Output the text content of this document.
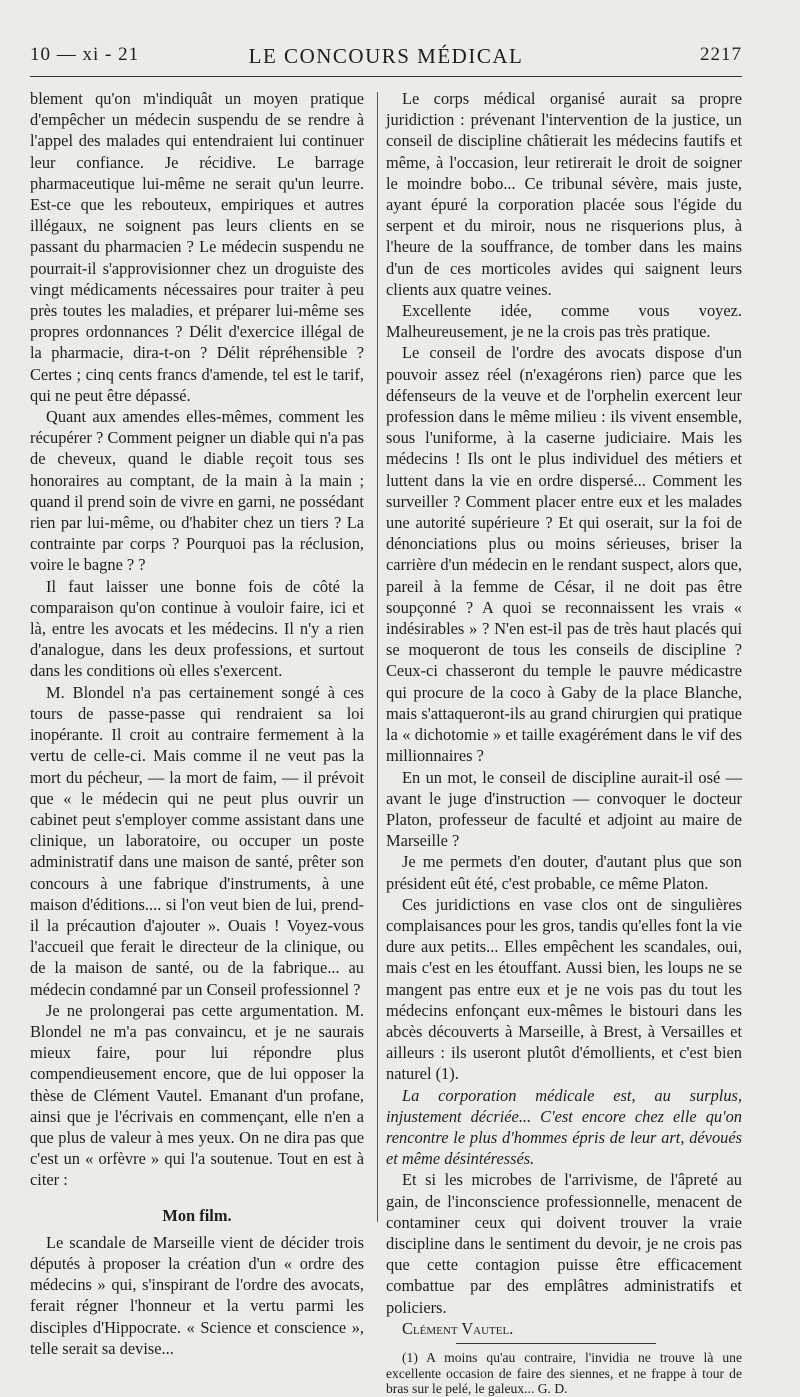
10 — xi - 21	LE CONCOURS MÉDICAL	2217

blement qu'on m'indiquât un moyen pratique d'empêcher un médecin suspendu de se rendre à l'appel des malades qui entendraient lui continuer leur confiance. Je récidive. Le barrage pharmaceutique lui-même ne serait qu'un leurre. Est-ce que les rebouteux, empiriques et autres illégaux, ne soignent pas leurs clients en se passant du pharmacien ? Le médecin suspendu ne pourrait-il s'approvisionner chez un droguiste des vingt médicaments nécessaires pour traiter à peu près toutes les maladies, et préparer lui-même ses propres ordonnances ? Délit d'exercice illégal de la pharmacie, dira-t-on ? Délit répréhensible ? Certes ; cinq cents francs d'amende, tel est le tarif, qui ne peut être dépassé.

Quant aux amendes elles-mêmes, comment les récupérer ? Comment peigner un diable qui n'a pas de cheveux, quand le diable reçoit tous ses honoraires au comptant, de la main à la main ; quand il prend soin de vivre en garni, ne possédant rien par lui-même, ou d'habiter chez un tiers ? La contrainte par corps ? Pourquoi pas la réclusion, voire le bagne ? ?

Il faut laisser une bonne fois de côté la comparaison qu'on continue à vouloir faire, ici et là, entre les avocats et les médecins. Il n'y a rien d'analogue, dans les deux professions, et surtout dans les conditions où elles s'exercent.

M. Blondel n'a pas certainement songé à ces tours de passe-passe qui rendraient sa loi inopérante. Il croit au contraire fermement à la vertu de celle-ci. Mais comme il ne veut pas la mort du pécheur, — la mort de faim, — il prévoit que « le médecin qui ne peut plus ouvrir un cabinet peut s'employer comme assistant dans une clinique, un laboratoire, ou occuper un poste administratif dans une maison de santé, prêter son concours à une fabrique d'instruments, à une maison d'éditions.... si l'on veut bien de lui, prend-il la précaution d'ajouter ». Ouais ! Voyez-vous l'accueil que ferait le directeur de la clinique, ou de la maison de santé, ou de la fabrique... au médecin condamné par un Conseil professionnel ?

Je ne prolongerai pas cette argumentation. M. Blondel ne m'a pas convaincu, et je ne saurais mieux faire, pour lui répondre plus compendieusement encore, que de lui opposer la thèse de Clément Vautel. Emanant d'un profane, ainsi que je l'écrivais en commençant, elle n'en a que plus de valeur à mes yeux. On ne dira pas que c'est un « orfèvre » qui l'a soutenue. Tout en est à citer :

Mon film.

Le scandale de Marseille vient de décider trois députés à proposer la création d'un « ordre des médecins » qui, s'inspirant de l'ordre des avocats, ferait régner l'honneur et la vertu parmi les disciples d'Hippocrate. « Science et conscience », telle serait sa devise...

Le corps médical organisé aurait sa propre juridiction : prévenant l'intervention de la justice, un conseil de discipline châtierait les médecins fautifs et même, à l'occasion, leur retirerait le droit de soigner le moindre bobo... Ce tribunal sévère, mais juste, ayant épuré la corporation placée sous l'égide du serpent et du miroir, nous ne risquerions plus, à l'heure de la souffrance, de tomber dans les mains d'un de ces morticoles avides qui saignent leurs clients aux quatre veines.

Excellente idée, comme vous voyez. Malheureusement, je ne la crois pas très pratique.

Le conseil de l'ordre des avocats dispose d'un pouvoir assez réel (n'exagérons rien) parce que les défenseurs de la veuve et de l'orphelin exercent leur profession dans le même milieu : ils vivent ensemble, sous l'uniforme, à la caserne judiciaire. Mais les médecins ! Ils ont le plus individuel des métiers et luttent dans la vie en ordre dispersé... Comment les surveiller ? Comment placer entre eux et les malades une autorité supérieure ? Et qui oserait, sur la foi de dénonciations plus ou moins sérieuses, briser la carrière d'un médecin en le rendant suspect, alors que, pareil à la femme de César, il ne doit pas être soupçonné ? A quoi se reconnaissent les vrais « indésirables » ? N'en est-il pas de très haut placés qui se moqueront de tous les conseils de discipline ? Ceux-ci chasseront du temple le pauvre médicastre qui procure de la coco à Gaby de la place Blanche, mais s'attaqueront-ils au grand chirurgien qui pratique la « dichotomie » et taille exagérément dans le vif des millionnaires ?

En un mot, le conseil de discipline aurait-il osé — avant le juge d'instruction — convoquer le docteur Platon, professeur de faculté et adjoint au maire de Marseille ?

Je me permets d'en douter, d'autant plus que son président eût été, c'est probable, ce même Platon.

Ces juridictions en vase clos ont de singulières complaisances pour les gros, tandis qu'elles font la vie dure aux petits... Elles empêchent les scandales, oui, mais c'est en les étouffant. Aussi bien, les loups ne se mangent pas entre eux et je ne vois pas du tout les médecins enfonçant eux-mêmes le bistouri dans les abcès découverts à Marseille, à Brest, à Versailles et ailleurs : ils useront plutôt d'émollients, et c'est bien naturel (1).

La corporation médicale est, au surplus, injustement décriée... C'est encore chez elle qu'on rencontre le plus d'hommes épris de leur art, dévoués et même désintéressés.

Et si les microbes de l'arrivisme, de l'âpreté au gain, de l'inconscience professionnelle, menacent de contaminer ceux qui doivent trouver la vraie discipline dans le sentiment du devoir, je ne crois pas que cette contagion puisse être efficacement combattue par des emplâtres administratifs et policiers.

Clément Vautel.

(1) A moins qu'au contraire, l'invidia ne trouve là une excellente occasion de faire des siennes, et ne frappe à tour de bras sur le pelé, le galeux... G. D.
